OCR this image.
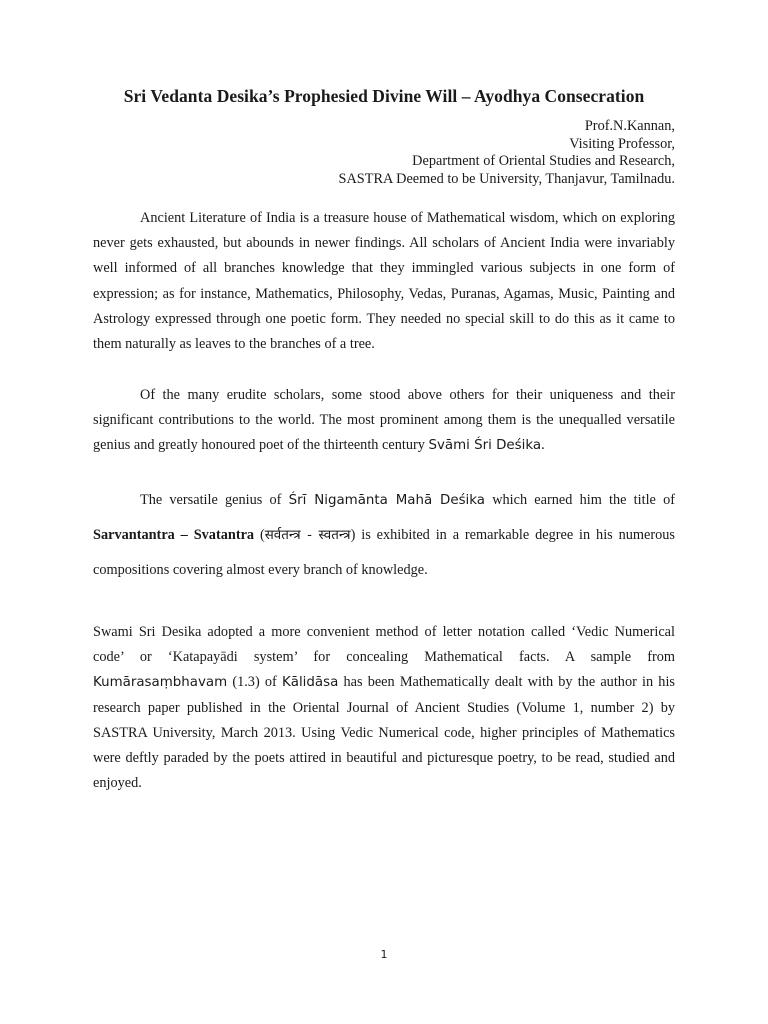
Sri Vedanta Desika’s Prophesied Divine Will – Ayodhya Consecration
Prof.N.Kannan,
Visiting Professor,
Department of Oriental Studies and Research,
SASTRA Deemed to be University, Thanjavur, Tamilnadu.

Ancient Literature of India is a treasure house of Mathematical wisdom, which on exploring never gets exhausted, but abounds in newer findings. All scholars of Ancient India were invariably well informed of all branches knowledge that they immingled various subjects in one form of expression; as for instance, Mathematics, Philosophy, Vedas, Puranas, Agamas, Music, Painting and Astrology expressed through one poetic form. They needed no special skill to do this as it came to them naturally as leaves to the branches of a tree.

Of the many erudite scholars, some stood above others for their uniqueness and their significant contributions to the world. The most prominent among them is the unequalled versatile genius and greatly honoured poet of the thirteenth century Svāmi Śri Deśika.

The versatile genius of Śrī Nigamānta Mahā Deśika which earned him the title of Sarvantantra – Svatantra (सर्वतन्त्र - स्वतन्त्र) is exhibited in a remarkable degree in his numerous compositions covering almost every branch of knowledge.

Swami Sri Desika adopted a more convenient method of letter notation called ‘Vedic Numerical code’ or ‘Katapayādi system’ for concealing Mathematical facts. A sample from Kumārasaṃbhavam (1.3) of Kālidāsa has been Mathematically dealt with by the author in his research paper published in the Oriental Journal of Ancient Studies (Volume 1, number 2) by SASTRA University, March 2013. Using Vedic Numerical code, higher principles of Mathematics were deftly paraded by the poets attired in beautiful and picturesque poetry, to be read, studied and enjoyed.

1
